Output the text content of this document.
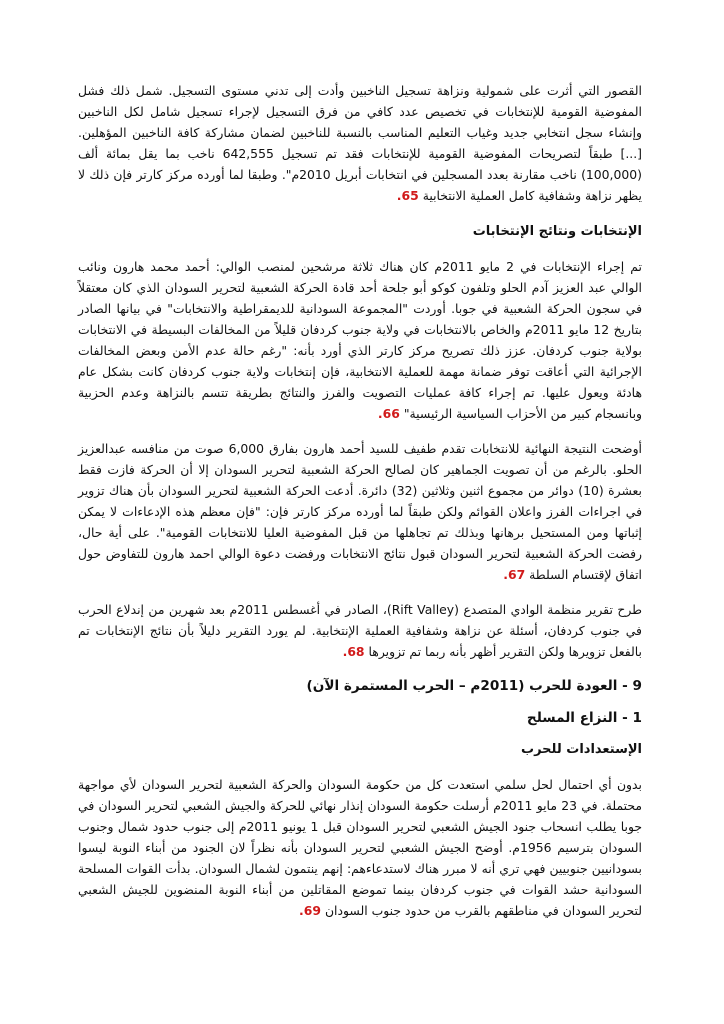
القصور التي أثرت على شمولية ونزاهة تسجيل الناخبين وأدت إلى تدني مستوى التسجيل. شمل ذلك فشل المفوضية القومية للإنتخابات في تخصيص عدد كافي من فرق التسجيل لإجراء تسجيل شامل لكل الناخبين وإنشاء سجل انتخابي جديد وغياب التعليم المناسب بالنسبة للناخبين لضمان مشاركة كافة الناخبين المؤهلين. [...] طبقاً لتصريحات المفوضية القومية للإنتخابات فقد تم تسجيل 642,555 ناخب بما يقل بمائة ألف (100,000) ناخب مقارنة بعدد المسجلين في انتخابات أبريل 2010م". وطبقا لما أورده مركز كارتر فإن ذلك لا يظهر نزاهة وشفافية كامل العملية الانتخابية 65.

الإنتخابات ونتائج الإنتخابات

تم إجراء الإنتخابات في 2 مايو 2011م كان هناك ثلاثة مرشحين لمنصب الوالي: أحمد محمد هارون ونائب الوالي عبد العزيز آدم الحلو وتلفون كوكو أبو جلحة أحد قادة الحركة الشعبية لتحرير السودان الذي كان معتقلاً في سجون الحركة الشعبية في جوبا. أوردت "المجموعة السودانية للديمقراطية والانتخابات" في بيانها الصادر بتاريخ 12 مايو 2011م والخاص بالانتخابات في ولاية جنوب كردفان قليلاً من المخالفات البسيطة في الانتخابات بولاية جنوب كردفان. عزز ذلك تصريح مركز كارتر الذي أورد بأنه: "رغم حالة عدم الأمن وبعض المخالفات الإجرائية التي أعاقت توفر ضمانة مهمة للعملية الانتخابية، فإن إنتخابات ولاية جنوب كردفان كانت بشكل عام هادئة ويعول عليها. تم إجراء كافة عمليات التصويت والفرز والنتائج بطريقة تتسم بالنزاهة وعدم الحزبية وبانسجام كبير من الأحزاب السياسية الرئيسية" 66.

أوضحت النتيجة النهائية للانتخابات تقدم طفيف للسيد أحمد هارون بفارق 6,000 صوت من منافسه عبدالعزيز الحلو. بالرغم من أن تصويت الجماهير كان لصالح الحركة الشعبية لتحرير السودان إلا أن الحركة فازت فقط بعشرة (10) دوائر من مجموع اثنين وثلاثين (32) دائرة. أدعت الحركة الشعبية لتحرير السودان بأن هناك تزوير في اجراءات الفرز واعلان القوائم ولكن طبقاً لما أورده مركز كارتر فإن: "فإن معظم هذه الإدعاءات لا يمكن إثباتها ومن المستحيل برهانها وبذلك تم تجاهلها من قبل المفوضية العليا للانتخابات القومية". على أية حال، رفضت الحركة الشعبية لتحرير السودان قبول نتائج الانتخابات ورفضت دعوة الوالي احمد هارون للتفاوض حول اتفاق لإقتسام السلطة 67.

طرح تقرير منظمة الوادي المتصدع (Rift Valley)، الصادر في أغسطس 2011م بعد شهرين من إندلاع الحرب في جنوب كردفان، أسئلة عن نزاهة وشفافية العملية الإنتخابية. لم يورد التقرير دليلاً بأن نتائج الإنتخابات تم بالفعل تزويرها ولكن التقرير أظهر بأنه ربما تم تزويرها 68.

9 - العودة للحرب (2011م – الحرب المستمرة الآن)
1 - النزاع المسلح
الإستعدادات للحرب

بدون أي احتمال لحل سلمي استعدت كل من حكومة السودان والحركة الشعبية لتحرير السودان لأي مواجهة محتملة. في 23 مايو 2011م أرسلت حكومة السودان إنذار نهائي للحركة والجيش الشعبي لتحرير السودان في جوبا يطلب انسحاب جنود الجيش الشعبي لتحرير السودان قبل 1 يونيو 2011م إلى جنوب حدود شمال وجنوب السودان بترسيم 1956م. أوضح الجيش الشعبي لتحرير السودان بأنه نظراً لان الجنود من أبناء النوبة ليسوا بسودانيين جنوبيين فهي تري أنه لا مبرر هناك لاستدعاءهم: إنهم ينتمون لشمال السودان. بدأت القوات المسلحة السودانية حشد القوات في جنوب كردفان بينما تموضع المقاتلين من أبناء النوبة المنضوين للجيش الشعبي لتحرير السودان في مناطقهم بالقرب من حدود جنوب السودان 69.
